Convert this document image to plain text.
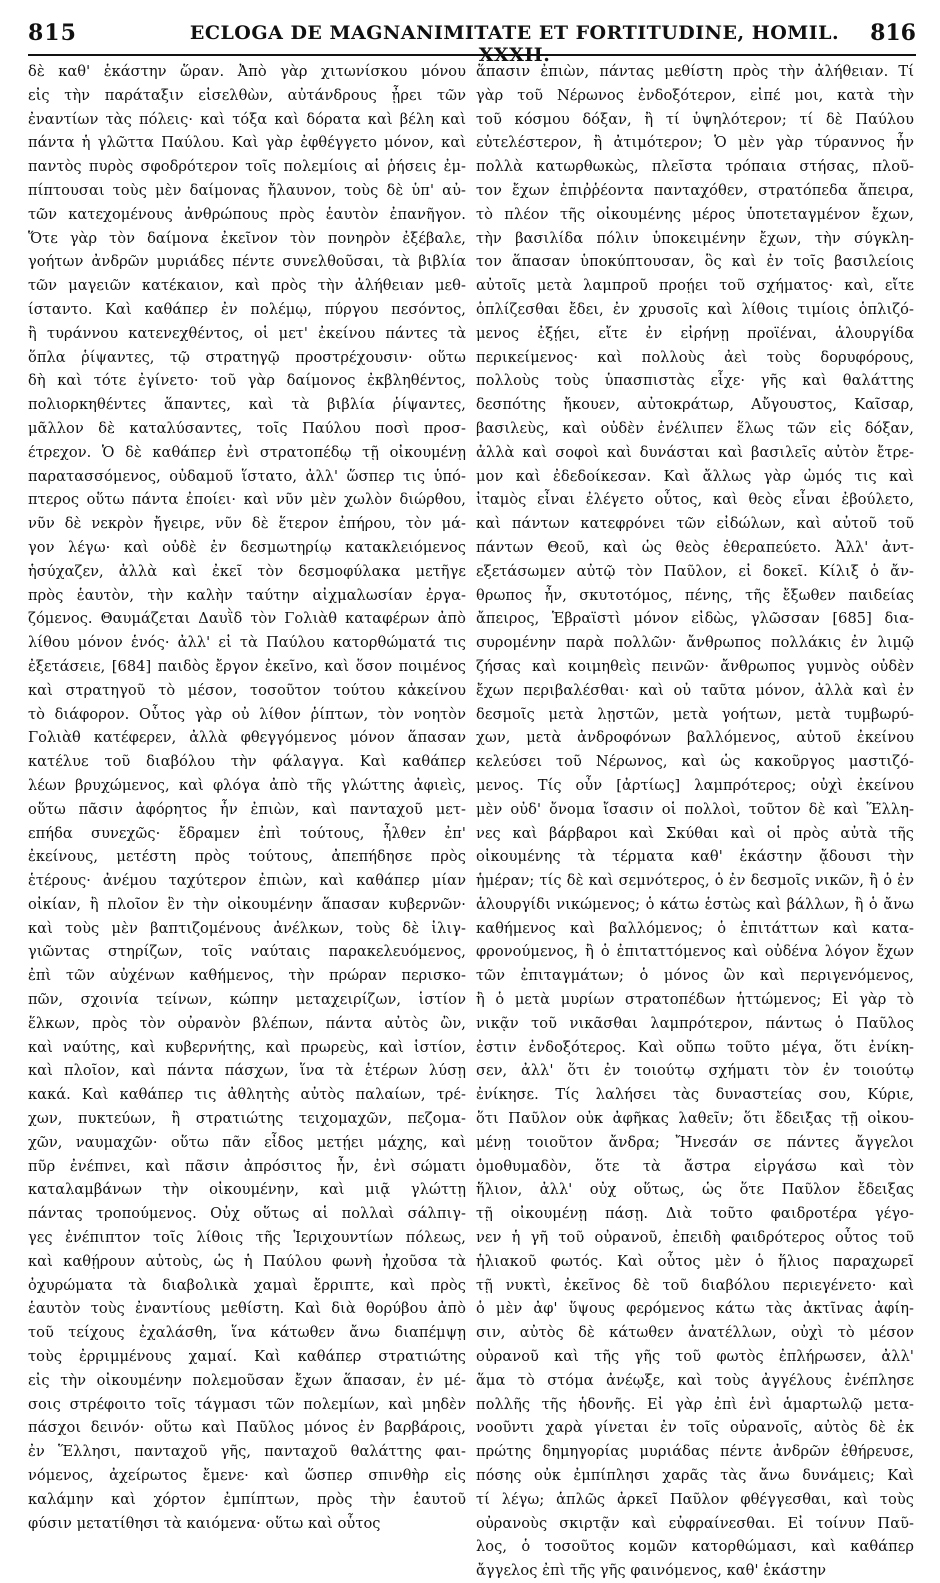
815	ECLOGA DE MAGNANIMITATE ET FORTITUDINE, HOMIL. XXXII.
816
δὲ καθ' ἑκάστην ὥραν. Ἀπὸ γὰρ χιτωνίσκου μόνου
εἰς τὴν παράταξιν εἰσελθὼν, αὐτάνδρους ᾖρει τῶν
ἐναντίων τὰς πόλεις· καὶ τόξα καὶ δόρατα καὶ βέλη καὶ
πάντα ἡ γλῶττα Παύλου. Καὶ γὰρ ἐφθέγγετο μόνον, καὶ
παντὸς πυρὸς σφοδρότερον τοῖς πολεμίοις αἱ ῥήσεις ἐμ-
πίπτουσαι τοὺς μὲν δαίμονας ἤλαυνον, τοὺς δὲ ὑπ' αὐ-
τῶν κατεχομένους ἀνθρώπους πρὸς ἑαυτὸν ἐπανῆγον.
Ὅτε γὰρ τὸν δαίμονα ἐκεῖνον τὸν πονηρὸν ἐξέβαλε,
γοήτων ἀνδρῶν μυριάδες πέντε συνελθοῦσαι, τὰ βιβλία
τῶν μαγειῶν κατέκαιον, καὶ πρὸς τὴν ἀλήθειαν μεθ-
ίσταντο. Καὶ καθάπερ ἐν πολέμῳ, πύργου πεσόντος,
ἢ τυράννου κατενεχθέντος, οἱ μετ' ἐκείνου πάντες τὰ
ὅπλα ῥίψαντες, τῷ στρατηγῷ προστρέχουσιν· οὕτω
δὴ καὶ τότε ἐγίνετο· τοῦ γὰρ δαίμονος ἐκβληθέντος,
πολιορκηθέντες ἅπαντες, καὶ τὰ βιβλία ῥίψαντες,
μᾶλλον δὲ καταλύσαντες, τοῖς Παύλου ποσὶ προσ-
έτρεχον. Ὁ δὲ καθάπερ ἐνὶ στρατοπέδῳ τῇ οἰκουμένῃ
παρατασσόμενος, οὐδαμοῦ ἵστατο, ἀλλ' ὥσπερ τις ὑπό-
πτερος οὕτω πάντα ἐποίει· καὶ νῦν μὲν χωλὸν διώρθου,
νῦν δὲ νεκρὸν ἤγειρε, νῦν δὲ ἕτερον ἐπήρου, τὸν μά-
γον λέγω· καὶ οὐδὲ ἐν δεσμωτηρίῳ κατακλειόμενος
ἡσύχαζεν, ἀλλὰ καὶ ἐκεῖ τὸν δεσμοφύλακα μετῆγε
πρὸς ἑαυτὸν, τὴν καλὴν ταύτην αἰχμαλωσίαν ἐργα-
ζόμενος. Θαυμάζεται Δαυῒδ τὸν Γολιὰθ καταφέρων ἀπὸ
λίθου μόνον ἑνός· ἀλλ' εἰ τὰ Παύλου κατορθώματά τις
ἐξετάσειε, [684] παιδὸς ἔργον ἐκεῖνο, καὶ ὅσον ποιμένος
καὶ στρατηγοῦ τὸ μέσον, τοσοῦτον τούτου κἀκείνου
τὸ διάφορον. Οὗτος γὰρ οὐ λίθον ῥίπτων, τὸν νοητὸν
Γολιὰθ κατέφερεν, ἀλλὰ φθεγγόμενος μόνον ἅπασαν
κατέλυε τοῦ διαβόλου τὴν φάλαγγα. Καὶ καθάπερ
λέων βρυχώμενος, καὶ φλόγα ἀπὸ τῆς γλώττης ἀφιεὶς,
οὕτω πᾶσιν ἀφόρητος ἦν ἐπιὼν, καὶ πανταχοῦ μετ-
επήδα συνεχῶς· ἔδραμεν ἐπὶ τούτους, ἦλθεν ἐπ'
ἐκείνους, μετέστη πρὸς τούτους, ἀπεπήδησε πρὸς
ἑτέρους· ἀνέμου ταχύτερον ἐπιὼν, καὶ καθάπερ μίαν
οἰκίαν, ἢ πλοῖον ἓν τὴν οἰκουμένην ἅπασαν κυβερνῶν·
καὶ τοὺς μὲν βαπτιζομένους ἀνέλκων, τοὺς δὲ ἰλιγ-
γιῶντας στηρίζων, τοῖς ναύταις παρακελευόμενος,
ἐπὶ τῶν αὐχένων καθήμενος, τὴν πρώραν περισκο-
πῶν, σχοινία τείνων, κώπην μεταχειρίζων, ἱστίον
ἕλκων, πρὸς τὸν οὐρανὸν βλέπων, πάντα αὐτὸς ὢν,
καὶ ναύτης, καὶ κυβερνήτης, καὶ πρωρεὺς, καὶ ἱστίον,
καὶ πλοῖον, καὶ πάντα πάσχων, ἵνα τὰ ἑτέρων λύσῃ
κακά. Καὶ καθάπερ τις ἀθλητὴς αὐτὸς παλαίων, τρέ-
χων, πυκτεύων, ἢ στρατιώτης τειχομαχῶν, πεζομα-
χῶν, ναυμαχῶν· οὕτω πᾶν εἶδος μετῄει μάχης, καὶ
πῦρ ἐνέπνει, καὶ πᾶσιν ἀπρόσιτος ἦν, ἐνὶ σώματι
καταλαμβάνων τὴν οἰκουμένην, καὶ μιᾷ γλώττῃ
πάντας τροπούμενος. Οὐχ οὕτως αἱ πολλαὶ σάλπιγ-
γες ἐνέπιπτον τοῖς λίθοις τῆς Ἱεριχουντίων πόλεως,
καὶ καθῄρουν αὐτοὺς, ὡς ἡ Παύλου φωνὴ ἠχοῦσα τὰ
ὀχυρώματα τὰ διαβολικὰ χαμαὶ ἔρριπτε, καὶ πρὸς
ἑαυτὸν τοὺς ἐναντίους μεθίστη. Καὶ διὰ θορύβου ἀπὸ
τοῦ τείχους ἐχαλάσθη, ἵνα κάτωθεν ἄνω διαπέμψῃ
τοὺς ἐρριμμένους χαμαί. Καὶ καθάπερ στρατιώτης
εἰς τὴν οἰκουμένην πολεμοῦσαν ἔχων ἅπασαν, ἐν μέ-
σοις στρέφοιτο τοῖς τάγμασι τῶν πολεμίων, καὶ μηδὲν
πάσχοι δεινόν· οὕτω καὶ Παῦλος μόνος ἐν βαρβάροις,
ἐν Ἕλλησι, πανταχοῦ γῆς, πανταχοῦ θαλάττης φαι-
νόμενος, ἀχείρωτος ἔμενε· καὶ ὥσπερ σπινθὴρ εἰς
καλάμην καὶ χόρτον ἐμπίπτων, πρὸς τὴν ἑαυτοῦ
φύσιν μετατίθησι τὰ καιόμενα· οὕτω καὶ οὗτος
ἅπασιν ἐπιὼν, πάντας μεθίστη πρὸς τὴν ἀλήθειαν. Τί
γὰρ τοῦ Νέρωνος ἐνδοξότερον, εἰπέ μοι, κατὰ τὴν
τοῦ κόσμου δόξαν, ἢ τί ὑψηλότερον; τί δὲ Παύλου
εὐτελέστερον, ἢ ἀτιμότερον; Ὁ μὲν γὰρ τύραννος ἦν
πολλὰ κατωρθωκὼς, πλεῖστα τρόπαια στήσας, πλοῦ-
τον ἔχων ἐπιῤῥέοντα πανταχόθεν, στρατόπεδα ἄπειρα,
τὸ πλέον τῆς οἰκουμένης μέρος ὑποτεταγμένον ἔχων,
τὴν βασιλίδα πόλιν ὑποκειμένην ἔχων, τὴν σύγκλη-
τον ἅπασαν ὑποκύπτουσαν, ὃς καὶ ἐν τοῖς βασιλείοις
αὐτοῖς μετὰ λαμπροῦ προῄει τοῦ σχήματος· καὶ, εἴτε
ὁπλίζεσθαι ἔδει, ἐν χρυσοῖς καὶ λίθοις τιμίοις ὁπλιζό-
μενος ἐξῄει, εἴτε ἐν εἰρήνῃ προϊέναι, ἁλουργίδα
περικείμενος· καὶ πολλοὺς ἀεὶ τοὺς δορυφόρους,
πολλοὺς τοὺς ὑπασπιστὰς εἶχε· γῆς καὶ θαλάττης
δεσπότης ἤκουεν, αὐτοκράτωρ, Αὔγουστος, Καῖσαρ,
βασιλεὺς, καὶ οὐδὲν ἐνέλιπεν ἕλως τῶν εἰς δόξαν,
ἀλλὰ καὶ σοφοὶ καὶ δυνάσται καὶ βασιλεῖς αὐτὸν ἔτρε-
μον καὶ ἐδεδοίκεσαν. Καὶ ἄλλως γὰρ ὠμός τις καὶ
ἰταμὸς εἶναι ἐλέγετο οὗτος, καὶ θεὸς εἶναι ἐβούλετο,
καὶ πάντων κατεφρόνει τῶν εἰδώλων, καὶ αὐτοῦ τοῦ
πάντων Θεοῦ, καὶ ὡς θεὸς ἐθεραπεύετο. Ἀλλ' ἀντ-
εξετάσωμεν αὐτῷ τὸν Παῦλον, εἰ δοκεῖ. Κίλιξ ὁ ἄν-
θρωπος ἦν, σκυτοτόμος, πένης, τῆς ἔξωθεν παιδείας
ἄπειρος, Ἑβραϊστὶ μόνον εἰδὼς, γλῶσσαν [685] δια-
συρομένην παρὰ πολλῶν· ἄνθρωπος πολλάκις ἐν λιμῷ
ζήσας καὶ κοιμηθεὶς πεινῶν· ἄνθρωπος γυμνὸς οὐδὲν
ἔχων περιβαλέσθαι· καὶ οὐ ταῦτα μόνον, ἀλλὰ καὶ ἐν
δεσμοῖς μετὰ λῃστῶν, μετὰ γοήτων, μετὰ τυμβωρύ-
χων, μετὰ ἀνδροφόνων βαλλόμενος, αὐτοῦ ἐκείνου
κελεύσει τοῦ Νέρωνος, καὶ ὡς κακοῦργος μαστιζό-
μενος. Τίς οὖν [ἀρτίως] λαμπρότερος; οὐχὶ ἐκείνου
μὲν οὐδ' ὄνομα ἴσασιν οἱ πολλοὶ, τοῦτον δὲ καὶ Ἕλλη-
νες καὶ βάρβαροι καὶ Σκύθαι καὶ οἱ πρὸς αὐτὰ τῆς
οἰκουμένης τὰ τέρματα καθ' ἑκάστην ᾄδουσι τὴν
ἡμέραν; τίς δὲ καὶ σεμνότερος, ὁ ἐν δεσμοῖς νικῶν, ἢ ὁ ἐν
ἁλουργίδι νικώμενος; ὁ κάτω ἑστὼς καὶ βάλλων, ἢ ὁ ἄνω
καθήμενος καὶ βαλλόμενος; ὁ ἐπιτάττων καὶ κατα-
φρονούμενος, ἢ ὁ ἐπιταττόμενος καὶ οὐδένα λόγον ἔχων
τῶν ἐπιταγμάτων; ὁ μόνος ὢν καὶ περιγενόμενος,
ἢ ὁ μετὰ μυρίων στρατοπέδων ἡττώμενος; Εἰ γὰρ τὸ
νικᾷν τοῦ νικᾶσθαι λαμπρότερον, πάντως ὁ Παῦλος
ἐστιν ἐνδοξότερος. Καὶ οὔπω τοῦτο μέγα, ὅτι ἐνίκη-
σεν, ἀλλ' ὅτι ἐν τοιούτῳ σχήματι τὸν ἐν τοιούτῳ
ἐνίκησε. Τίς λαλήσει τὰς δυναστείας σου, Κύριε,
ὅτι Παῦλον οὐκ ἀφῆκας λαθεῖν; ὅτι ἔδειξας τῇ οἰκου-
μένῃ τοιοῦτον ἄνδρα; Ἤνεσάν σε πάντες ἄγγελοι
ὁμοθυμαδὸν, ὅτε τὰ ἄστρα εἰργάσω καὶ τὸν
ἥλιον, ἀλλ' οὐχ οὕτως, ὡς ὅτε Παῦλον ἔδειξας
τῇ οἰκουμένῃ πάσῃ. Διὰ τοῦτο φαιδροτέρα γέγο-
νεν ἡ γῆ τοῦ οὐρανοῦ, ἐπειδὴ φαιδρότερος οὗτος τοῦ
ἡλιακοῦ φωτός. Καὶ οὗτος μὲν ὁ ἥλιος παραχωρεῖ
τῇ νυκτὶ, ἐκεῖνος δὲ τοῦ διαβόλου περιεγένετο· καὶ
ὁ μὲν ἀφ' ὕψους φερόμενος κάτω τὰς ἀκτῖνας ἀφίη-
σιν, αὐτὸς δὲ κάτωθεν ἀνατέλλων, οὐχὶ τὸ μέσον
οὐρανοῦ καὶ τῆς γῆς τοῦ φωτὸς ἐπλήρωσεν, ἀλλ'
ἅμα τὸ στόμα ἀνέῳξε, καὶ τοὺς ἀγγέλους ἐνέπλησε
πολλῆς τῆς ἡδονῆς. Εἰ γὰρ ἐπὶ ἑνὶ ἁμαρτωλῷ μετα-
νοοῦντι χαρὰ γίνεται ἐν τοῖς οὐρανοῖς, αὐτὸς δὲ ἐκ
πρώτης δημηγορίας μυριάδας πέντε ἀνδρῶν ἐθήρευσε,
πόσης οὐκ ἐμπίπλησι χαρᾶς τὰς ἄνω δυνάμεις; Καὶ
τί λέγω; ἁπλῶς ἀρκεῖ Παῦλον φθέγγεσθαι, καὶ τοὺς
οὐρανοὺς σκιρτᾷν καὶ εὐφραίνεσθαι. Εἰ τοίνυν Παῦ-
λος, ὁ τοσοῦτος κομῶν κατορθώμασι, καὶ καθάπερ
ἄγγελος ἐπὶ τῆς γῆς φαινόμενος, καθ' ἑκάστην
